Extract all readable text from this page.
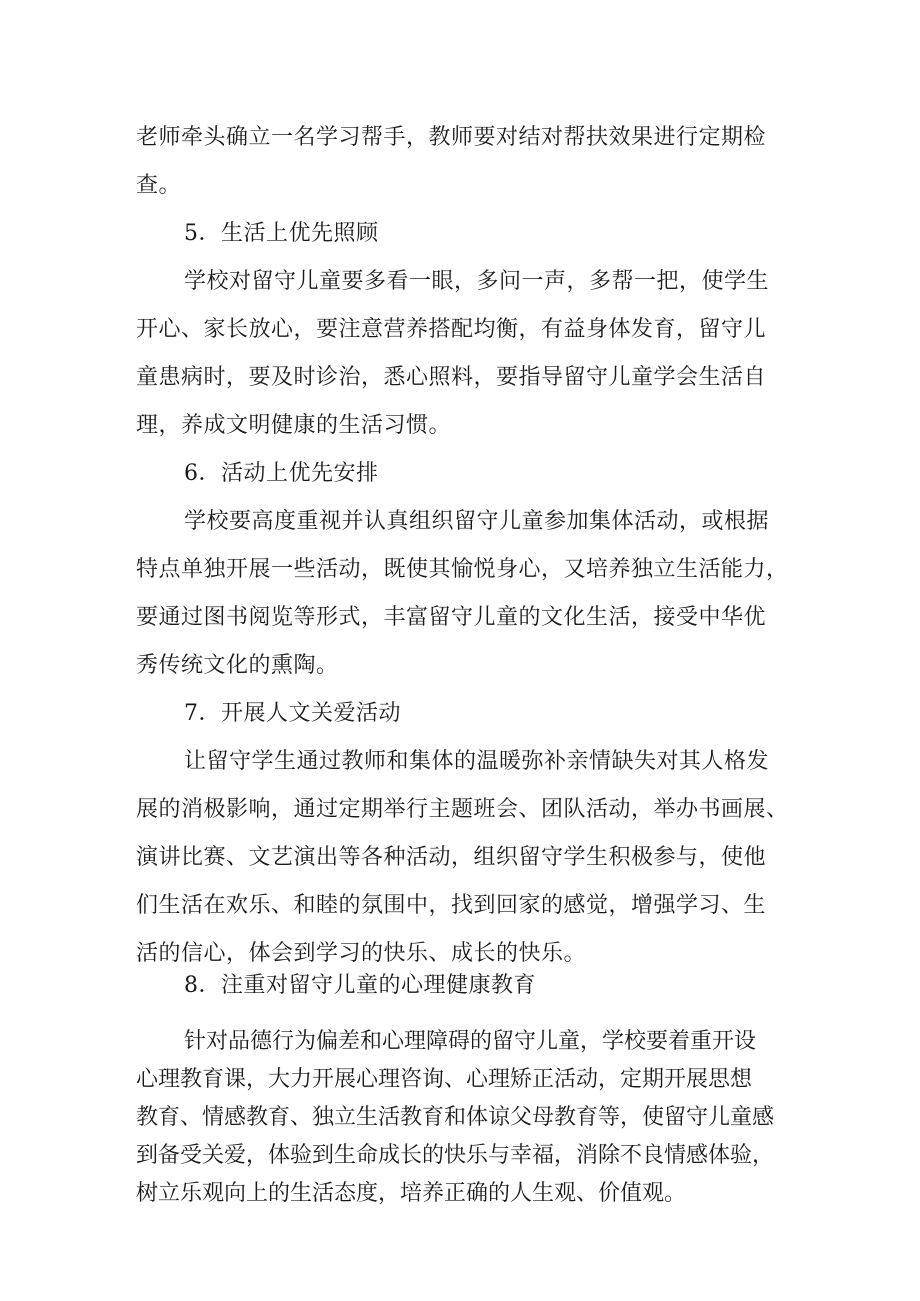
老师牵头确立一名学习帮手，教师要对结对帮扶效果进行定期检
查。
5．生活上优先照顾
学校对留守儿童要多看一眼，多问一声，多帮一把，使学生
开心、家长放心，要注意营养搭配均衡，有益身体发育，留守儿
童患病时，要及时诊治，悉心照料，要指导留守儿童学会生活自
理，养成文明健康的生活习惯。
6．活动上优先安排
学校要高度重视并认真组织留守儿童参加集体活动，或根据
特点单独开展一些活动，既使其愉悦身心，又培养独立生活能力，
要通过图书阅览等形式，丰富留守儿童的文化生活，接受中华优
秀传统文化的熏陶。
7．开展人文关爱活动
让留守学生通过教师和集体的温暖弥补亲情缺失对其人格发
展的消极影响，通过定期举行主题班会、团队活动，举办书画展、
演讲比赛、文艺演出等各种活动，组织留守学生积极参与，使他
们生活在欢乐、和睦的氛围中，找到回家的感觉，增强学习、生
活的信心，体会到学习的快乐、成长的快乐。
8．注重对留守儿童的心理健康教育
针对品德行为偏差和心理障碍的留守儿童，学校要着重开设
心理教育课，大力开展心理咨询、心理矫正活动，定期开展思想
教育、情感教育、独立生活教育和体谅父母教育等，使留守儿童感
到备受关爱，体验到生命成长的快乐与幸福，消除不良情感体验，
树立乐观向上的生活态度，培养正确的人生观、价值观。
